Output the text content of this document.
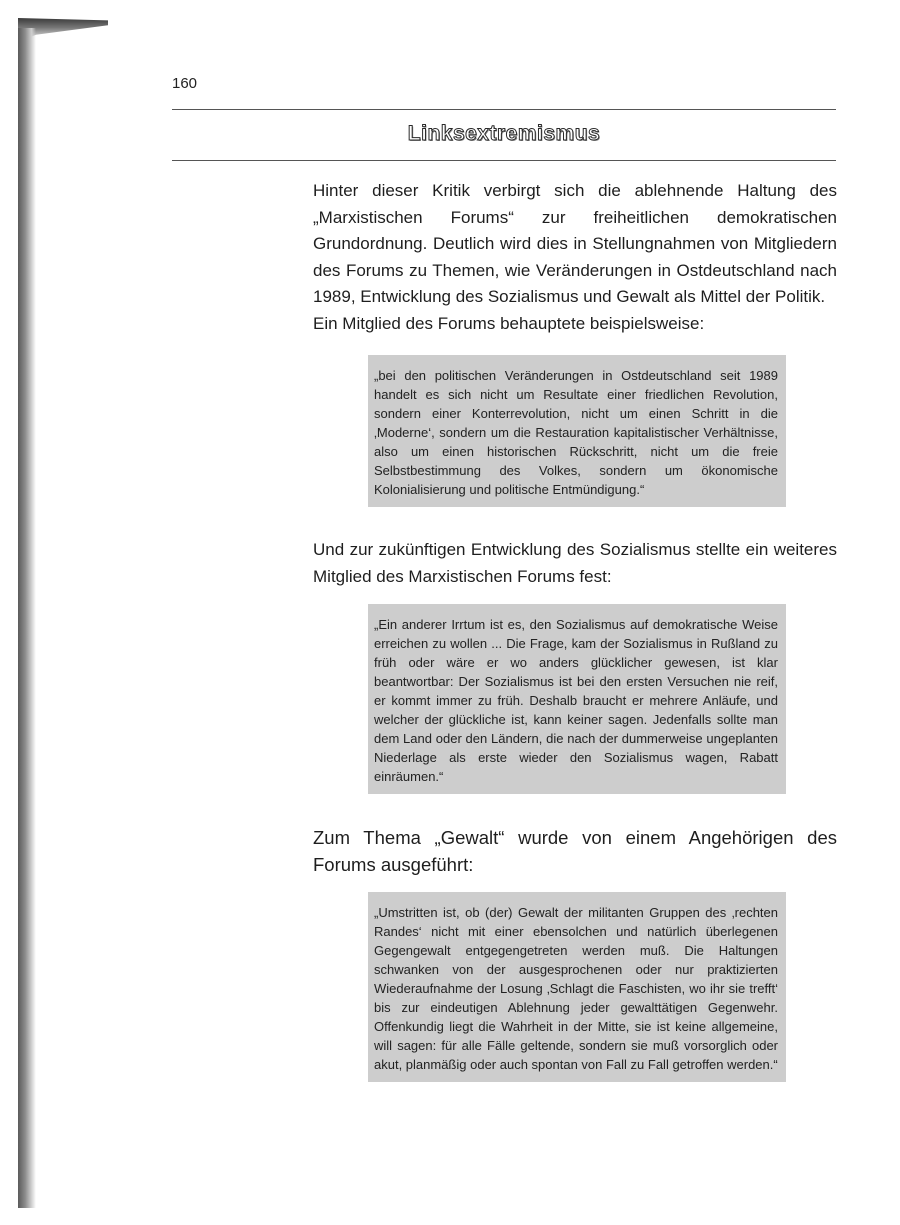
160
Linksextremismus

Hinter dieser Kritik verbirgt sich die ablehnende Haltung des „Marxistischen Forums“ zur freiheitlichen demokratischen Grundordnung. Deutlich wird dies in Stellungnahmen von Mitgliedern des Forums zu Themen, wie Veränderungen in Ostdeutschland nach 1989, Entwicklung des Sozialismus und Gewalt als Mittel der Politik.

Ein Mitglied des Forums behauptete beispielsweise:

„bei den politischen Veränderungen in Ostdeutschland seit 1989 handelt es sich nicht um Resultate einer friedlichen Revolution, sondern einer Konterrevolution, nicht um einen Schritt in die ‚Moderne‘, sondern um die Restauration kapitalistischer Verhältnisse, also um einen historischen Rückschritt, nicht um die freie Selbstbestimmung des Volkes, sondern um ökonomische Kolonialisierung und politische Entmündigung.“

Und zur zukünftigen Entwicklung des Sozialismus stellte ein weiteres Mitglied des Marxistischen Forums fest:

„Ein anderer Irrtum ist es, den Sozialismus auf demokratische Weise erreichen zu wollen ... Die Frage, kam der Sozialismus in Rußland zu früh oder wäre er wo anders glücklicher gewesen, ist klar beantwortbar: Der Sozialismus ist bei den ersten Versuchen nie reif, er kommt immer zu früh. Deshalb braucht er mehrere Anläufe, und welcher der glückliche ist, kann keiner sagen. Jedenfalls sollte man dem Land oder den Ländern, die nach der dummerweise ungeplanten Niederlage als erste wieder den Sozialismus wagen, Rabatt einräumen.“

Zum Thema „Gewalt“ wurde von einem Angehörigen des Forums ausgeführt:

„Umstritten ist, ob (der) Gewalt der militanten Gruppen des ‚rechten Randes‘ nicht mit einer ebensolchen und natürlich überlegenen Gegengewalt entgegengetreten werden muß. Die Haltungen schwanken von der ausgesprochenen oder nur praktizierten Wiederaufnahme der Losung ‚Schlagt die Faschisten, wo ihr sie trefft‘ bis zur eindeutigen Ablehnung jeder gewalttätigen Gegenwehr. Offenkundig liegt die Wahrheit in der Mitte, sie ist keine allgemeine, will sagen: für alle Fälle geltende, sondern sie muß vorsorglich oder akut, planmäßig oder auch spontan von Fall zu Fall getroffen werden.“
